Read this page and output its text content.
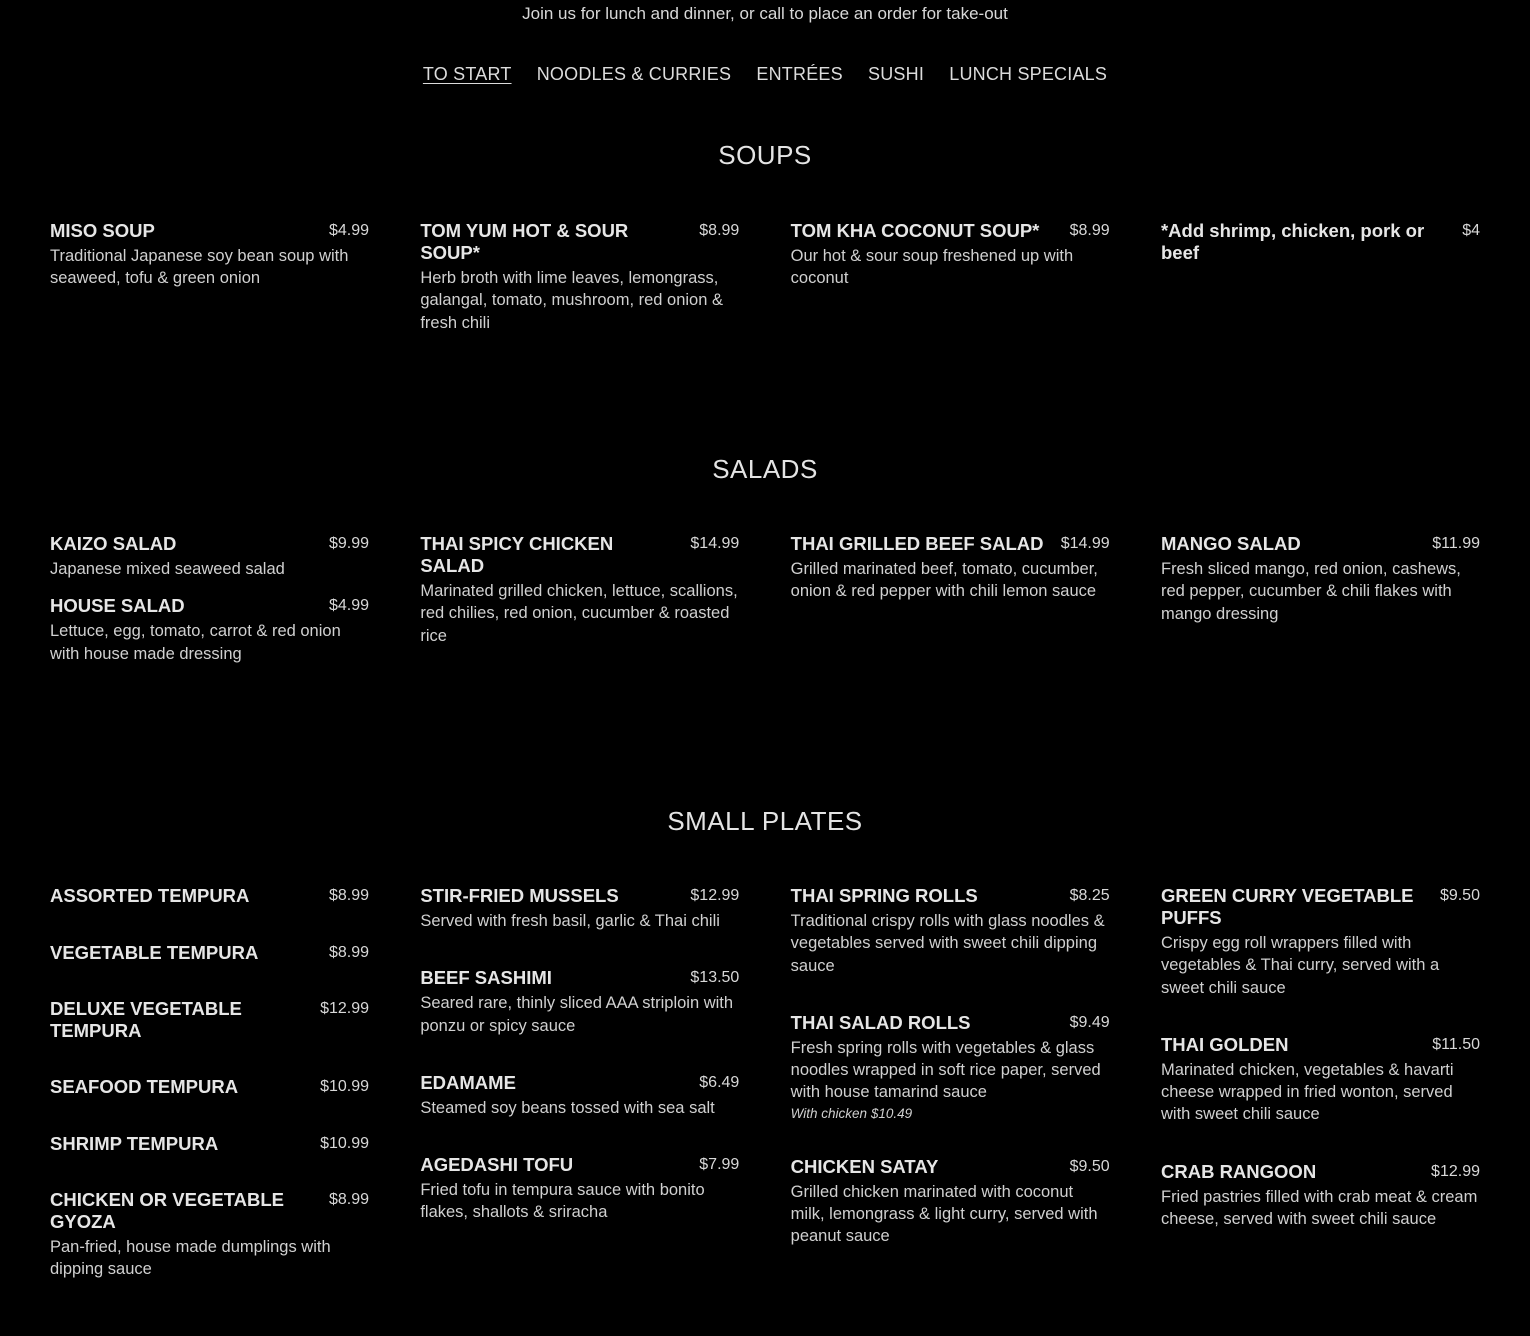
Join us for lunch and dinner, or call to place an order for take-out
TO START NOODLES & CURRIES ENTRÉES SUSHI LUNCH SPECIALS
SOUPS
MISO SOUP	$4.99
Traditional Japanese soy bean soup with seaweed, tofu & green onion
TOM YUM HOT & SOUR SOUP*
$8.99
Herb broth with lime leaves, lemongrass, galangal, tomato, mushroom, red onion & fresh chili
TOM KHA COCONUT SOUP*	$8.99
Our hot & sour soup freshened up with coconut
*Add shrimp, chicken, pork or beef
$4
SALADS
KAIZO SALAD	$9.99
Japanese mixed seaweed salad
HOUSE SALAD	$4.99
Lettuce, egg, tomato, carrot & red onion with house made dressing
THAI SPICY CHICKEN SALAD
$14.99
Marinated grilled chicken, lettuce, scallions, red chilies, red onion, cucumber & roasted rice
THAI GRILLED BEEF SALAD	$14.99
Grilled marinated beef, tomato, cucumber, onion & red pepper with chili lemon sauce
MANGO SALAD	$11.99
Fresh sliced mango, red onion, cashews, red pepper, cucumber & chili flakes with mango dressing
SMALL PLATES
ASSORTED TEMPURA	$8.99
VEGETABLE TEMPURA	$8.99
DELUXE VEGETABLE TEMPURA
$12.99
SEAFOOD TEMPURA	$10.99
SHRIMP TEMPURA	$10.99
CHICKEN OR VEGETABLE GYOZA
$8.99
Pan-fried, house made dumplings with dipping sauce
STIR-FRIED MUSSELS	$12.99
Served with fresh basil, garlic & Thai chili
BEEF SASHIMI	$13.50
Seared rare, thinly sliced AAA striploin with ponzu or spicy sauce
EDAMAME	$6.49
Steamed soy beans tossed with sea salt
AGEDASHI TOFU	$7.99
Fried tofu in tempura sauce with bonito flakes, shallots & sriracha
THAI SPRING ROLLS	$8.25
Traditional crispy rolls with glass noodles & vegetables served with sweet chili dipping sauce
THAI SALAD ROLLS	$9.49
Fresh spring rolls with vegetables & glass noodles wrapped in soft rice paper, served with house tamarind sauce
With chicken $10.49
CHICKEN SATAY	$9.50
Grilled chicken marinated with coconut milk, lemongrass & light curry, served with peanut sauce
GREEN CURRY VEGETABLE PUFFS
$9.50
Crispy egg roll wrappers filled with vegetables & Thai curry, served with a sweet chili sauce
THAI GOLDEN	$11.50
Marinated chicken, vegetables & havarti cheese wrapped in fried wonton, served with sweet chili sauce
CRAB RANGOON	$12.99
Fried pastries filled with crab meat & cream cheese, served with sweet chili sauce
